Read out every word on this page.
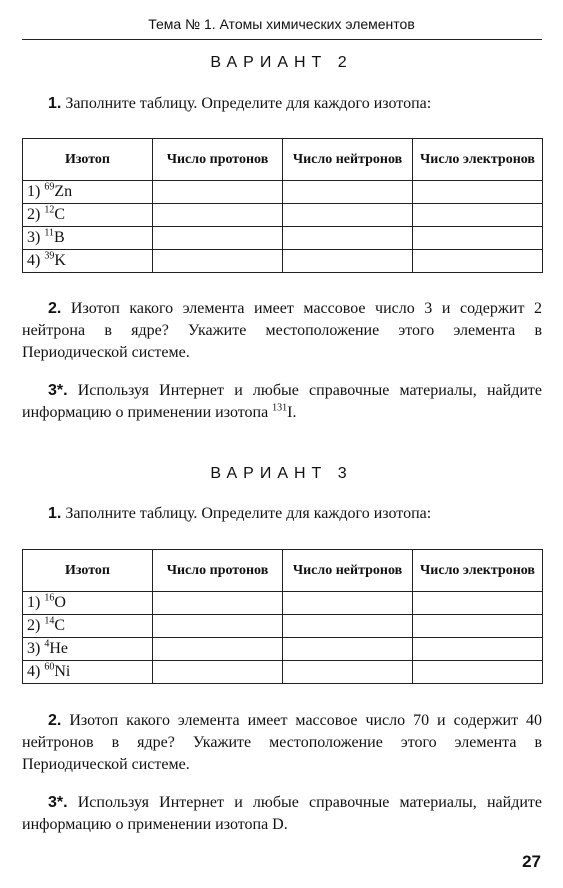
Тема № 1. Атомы химических элементов
ВАРИАНТ 2

1. Заполните таблицу. Определите для каждого изотопа:

Изотоп	Число протонов	Число нейтронов	Число электронов
1) $^{69}$Zn			
2) $^{12}$C			
3) $^{11}$B			
4) $^{39}$K			

2. Изотоп какого элемента имеет массовое число 3 и содержит 2 нейтрона в ядре? Укажите местоположение этого элемента в Периодической системе.

3*. Используя Интернет и любые справочные материалы, найдите информацию о применении изотопа $^{131}$I.

ВАРИАНТ 3

1. Заполните таблицу. Определите для каждого изотопа:

Изотоп	Число протонов	Число нейтронов	Число электронов
1) $^{16}$O			
2) $^{14}$C			
3) $^4$He			
4) $^{60}$Ni			

2. Изотоп какого элемента имеет массовое число 70 и содержит 40 нейтронов в ядре? Укажите местоположение этого элемента в Периодической системе.

3*. Используя Интернет и любые справочные материалы, найдите информацию о применении изотопа D.

27
